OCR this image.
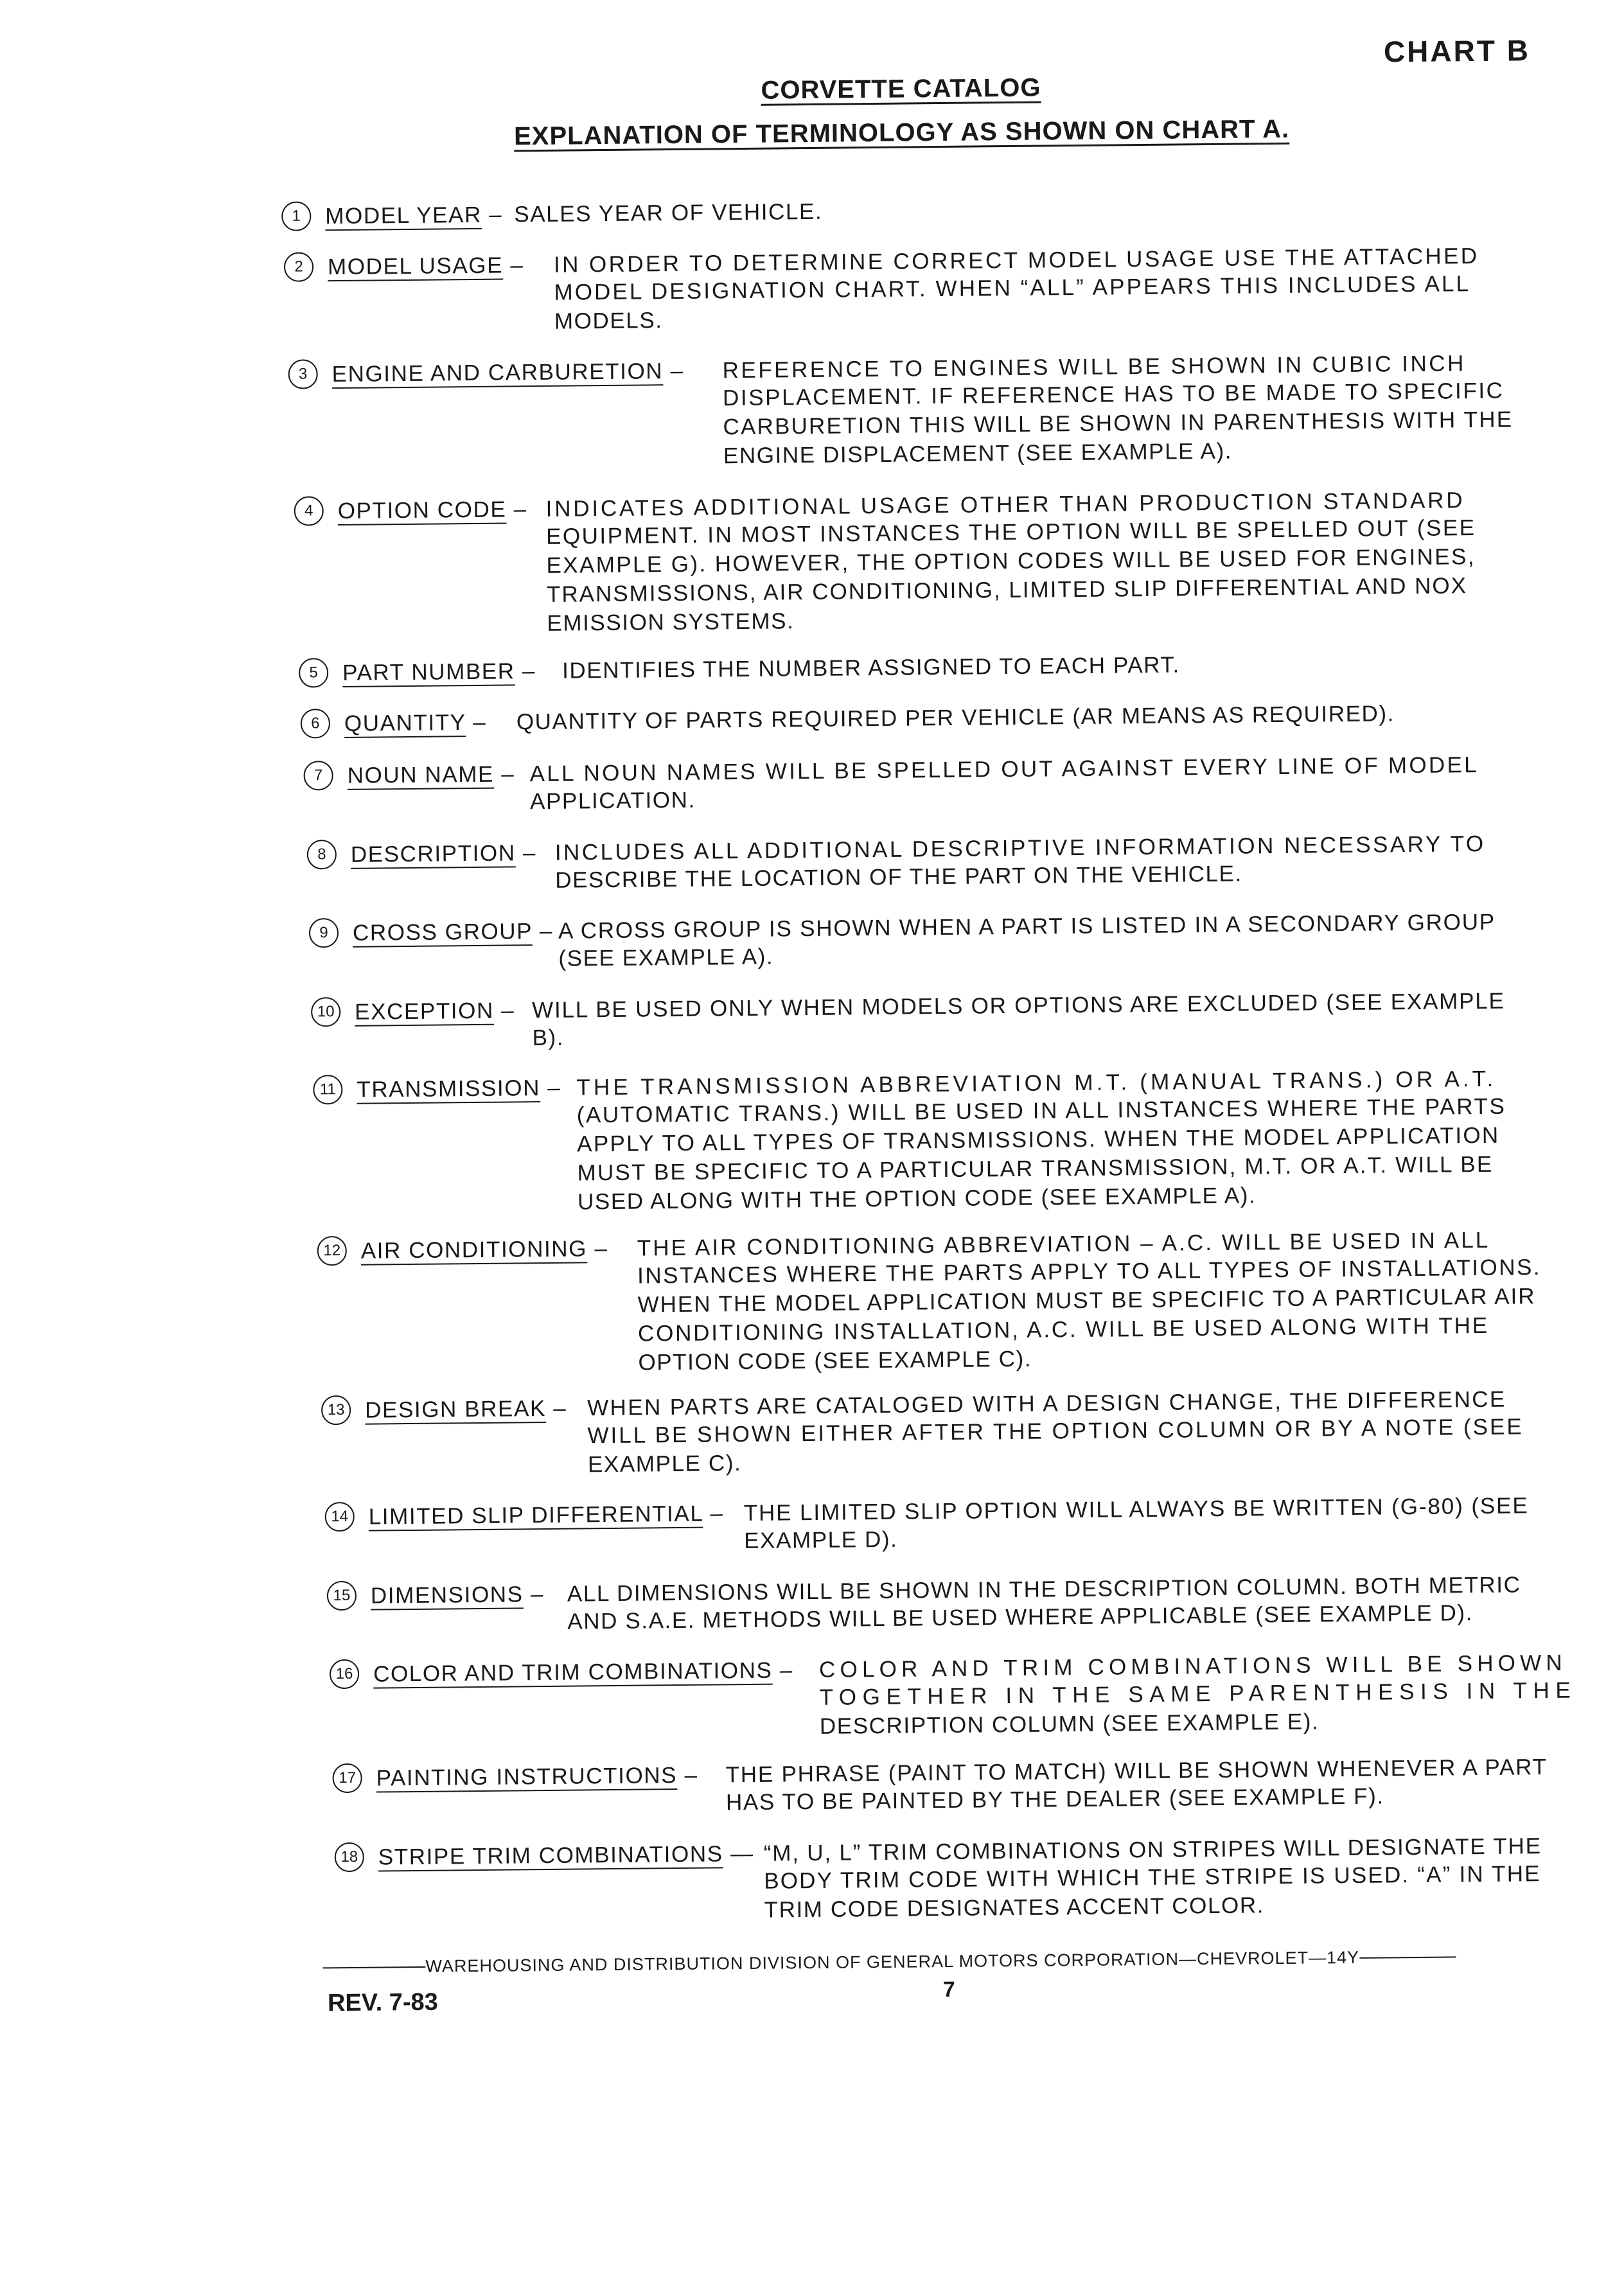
CHART B
CORVETTE CATALOG
EXPLANATION OF TERMINOLOGY AS SHOWN ON CHART A.
1	MODEL YEAR – SALES YEAR OF VEHICLE.
2	MODEL USAGE – IN ORDER TO DETERMINE CORRECT MODEL USAGE USE THE ATTACHED
MODEL DESIGNATION CHART. WHEN “ALL” APPEARS THIS INCLUDES ALL
MODELS.
3	ENGINE AND CARBURETION – REFERENCE TO ENGINES WILL BE SHOWN IN CUBIC INCH
DISPLACEMENT. IF REFERENCE HAS TO BE MADE TO SPECIFIC
CARBURETION THIS WILL BE SHOWN IN PARENTHESIS WITH THE
ENGINE DISPLACEMENT (SEE EXAMPLE A).
4	OPTION CODE – INDICATES ADDITIONAL USAGE OTHER THAN PRODUCTION STANDARD
EQUIPMENT. IN MOST INSTANCES THE OPTION WILL BE SPELLED OUT (SEE
EXAMPLE G). HOWEVER, THE OPTION CODES WILL BE USED FOR ENGINES,
TRANSMISSIONS, AIR CONDITIONING, LIMITED SLIP DIFFERENTIAL AND NOX
EMISSION SYSTEMS.
5	PART NUMBER – IDENTIFIES THE NUMBER ASSIGNED TO EACH PART.
6	QUANTITY – QUANTITY OF PARTS REQUIRED PER VEHICLE (AR MEANS AS REQUIRED).
7	NOUN NAME – ALL NOUN NAMES WILL BE SPELLED OUT AGAINST EVERY LINE OF MODEL
APPLICATION.
8	DESCRIPTION – INCLUDES ALL ADDITIONAL DESCRIPTIVE INFORMATION NECESSARY TO
DESCRIBE THE LOCATION OF THE PART ON THE VEHICLE.
9	CROSS GROUP – A CROSS GROUP IS SHOWN WHEN A PART IS LISTED IN A SECONDARY GROUP
(SEE EXAMPLE A).
10 EXCEPTION – WILL BE USED ONLY WHEN MODELS OR OPTIONS ARE EXCLUDED (SEE EXAMPLE
B).
11 TRANSMISSION – THE TRANSMISSION ABBREVIATION M.T. (MANUAL TRANS.) OR A.T.
(AUTOMATIC TRANS.) WILL BE USED IN ALL INSTANCES WHERE THE PARTS
APPLY TO ALL TYPES OF TRANSMISSIONS. WHEN THE MODEL APPLICATION
MUST BE SPECIFIC TO A PARTICULAR TRANSMISSION, M.T. OR A.T. WILL BE
USED ALONG WITH THE OPTION CODE (SEE EXAMPLE A).
12 AIR CONDITIONING – THE AIR CONDITIONING ABBREVIATION – A.C. WILL BE USED IN ALL
INSTANCES WHERE THE PARTS APPLY TO ALL TYPES OF INSTALLATIONS.
WHEN THE MODEL APPLICATION MUST BE SPECIFIC TO A PARTICULAR AIR
CONDITIONING INSTALLATION, A.C. WILL BE USED ALONG WITH THE
OPTION CODE (SEE EXAMPLE C).
13 DESIGN BREAK – WHEN PARTS ARE CATALOGED WITH A DESIGN CHANGE, THE DIFFERENCE
WILL BE SHOWN EITHER AFTER THE OPTION COLUMN OR BY A NOTE (SEE
EXAMPLE C).
14 LIMITED SLIP DIFFERENTIAL – THE LIMITED SLIP OPTION WILL ALWAYS BE WRITTEN (G-80) (SEE
EXAMPLE D).
15 DIMENSIONS – ALL DIMENSIONS WILL BE SHOWN IN THE DESCRIPTION COLUMN. BOTH METRIC
AND S.A.E. METHODS WILL BE USED WHERE APPLICABLE (SEE EXAMPLE D).
16 COLOR AND TRIM COMBINATIONS – COLOR AND TRIM COMBINATIONS WILL BE SHOWN
TOGETHER IN THE SAME PARENTHESIS IN THE
DESCRIPTION COLUMN (SEE EXAMPLE E).
17 PAINTING INSTRUCTIONS – THE PHRASE (PAINT TO MATCH) WILL BE SHOWN WHENEVER A PART
HAS TO BE PAINTED BY THE DEALER (SEE EXAMPLE F).
18 STRIPE TRIM COMBINATIONS — “M, U, L” TRIM COMBINATIONS ON STRIPES WILL DESIGNATE THE
BODY TRIM CODE WITH WHICH THE STRIPE IS USED. “A” IN THE
TRIM CODE DESIGNATES ACCENT COLOR.
WAREHOUSING AND DISTRIBUTION DIVISION OF GENERAL MOTORS CORPORATION—CHEVROLET—14Y
REV. 7-83	7
